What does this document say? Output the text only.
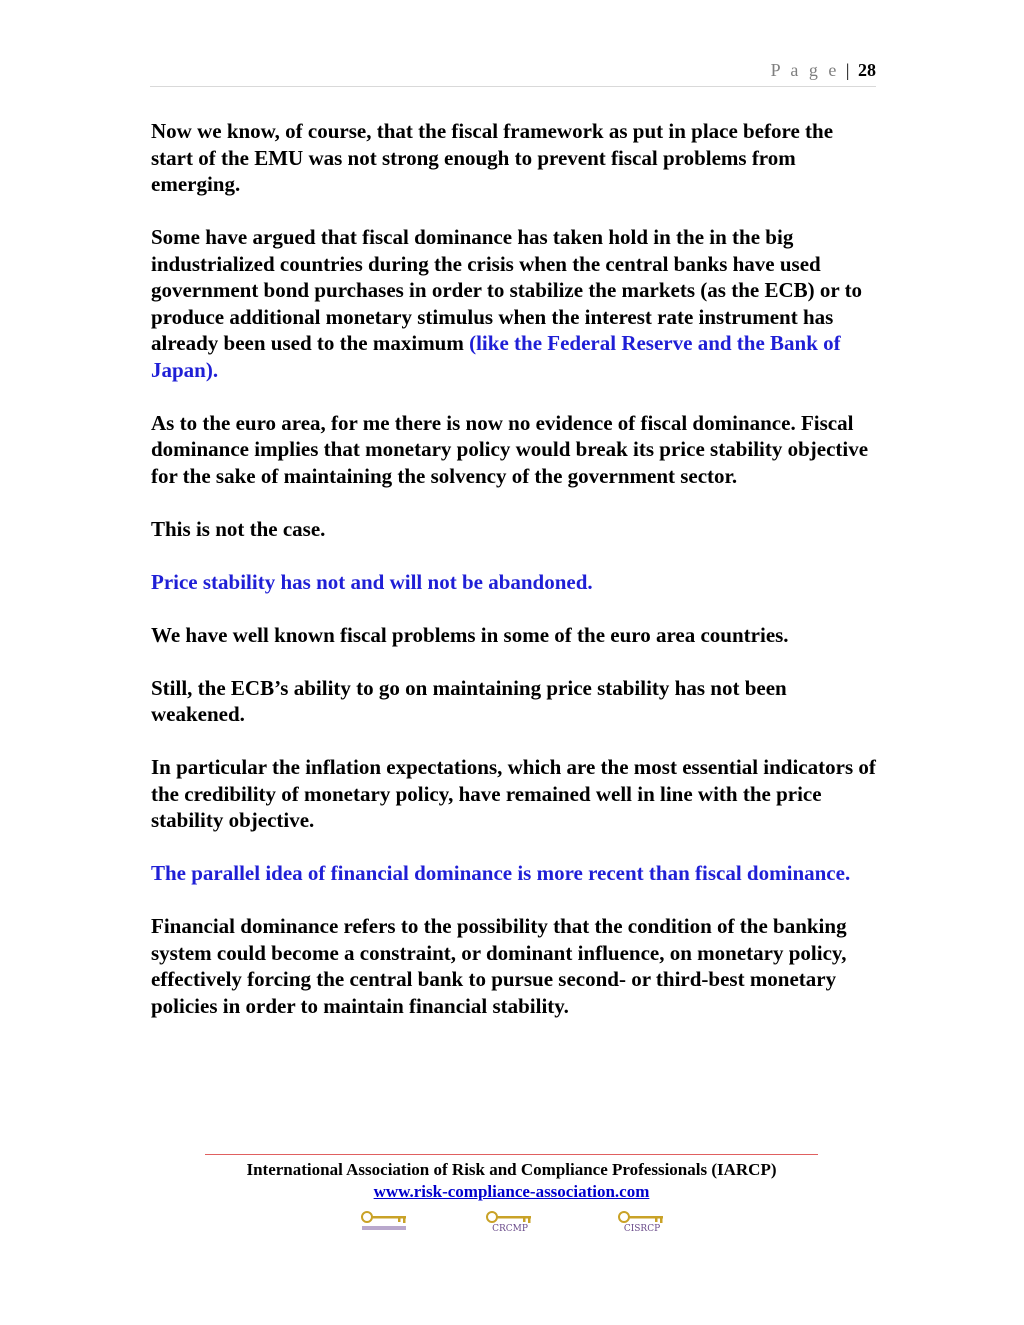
P a g e | 28

Now we know, of course, that the fiscal framework as put in place before the start of the EMU was not strong enough to prevent fiscal problems from emerging.

Some have argued that fiscal dominance has taken hold in the in the big industrialized countries during the crisis when the central banks have used government bond purchases in order to stabilize the markets (as the ECB) or to produce additional monetary stimulus when the interest rate instrument has already been used to the maximum (like the Federal Reserve and the Bank of Japan).

As to the euro area, for me there is now no evidence of fiscal dominance. Fiscal dominance implies that monetary policy would break its price stability objective for the sake of maintaining the solvency of the government sector.

This is not the case.

Price stability has not and will not be abandoned.

We have well known fiscal problems in some of the euro area countries.

Still, the ECB’s ability to go on maintaining price stability has not been weakened.

In particular the inflation expectations, which are the most essential indicators of the credibility of monetary policy, have remained well in line with the price stability objective.

The parallel idea of financial dominance is more recent than fiscal dominance.

Financial dominance refers to the possibility that the condition of the banking system could become a constraint, or dominant influence, on monetary policy, effectively forcing the central bank to pursue second- or third-best monetary policies in order to maintain financial stability.

International Association of Risk and Compliance Professionals (IARCP)
www.risk-compliance-association.com
CRCMP	CISRCP
